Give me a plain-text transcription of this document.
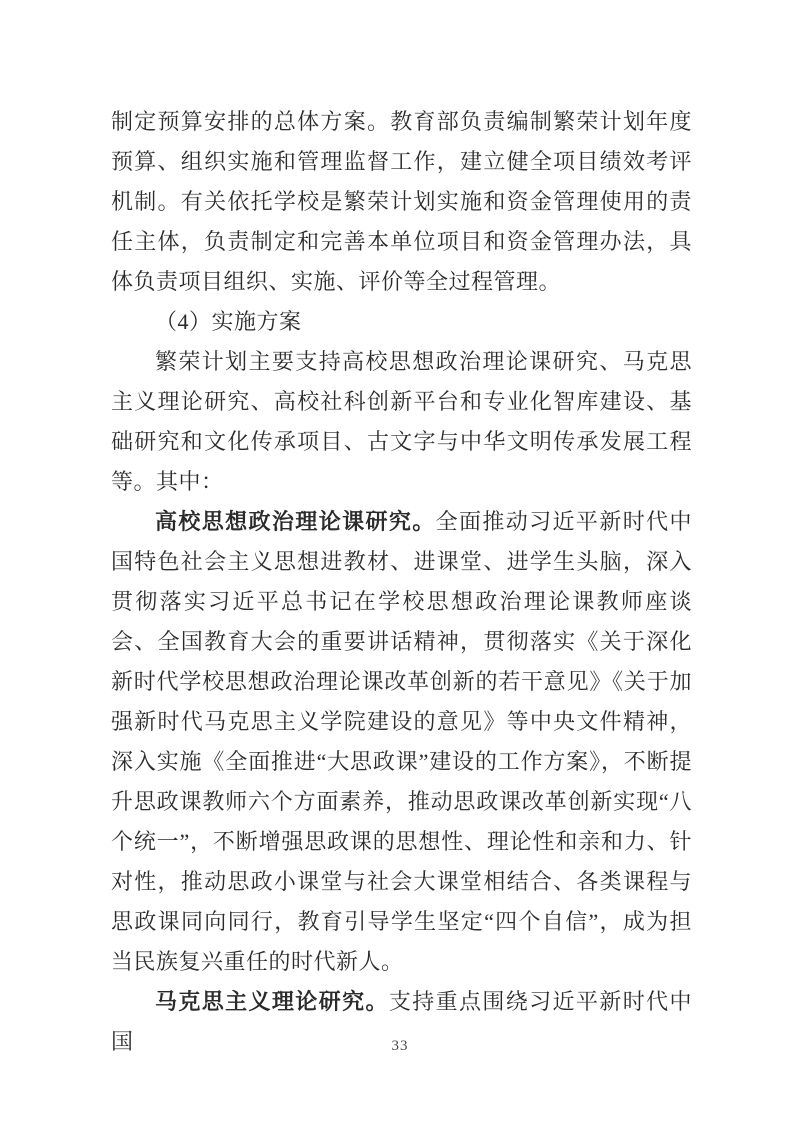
制定预算安排的总体方案。教育部负责编制繁荣计划年度预算、组织实施和管理监督工作，建立健全项目绩效考评机制。有关依托学校是繁荣计划实施和资金管理使用的责任主体，负责制定和完善本单位项目和资金管理办法，具体负责项目组织、实施、评价等全过程管理。

（4）实施方案

繁荣计划主要支持高校思想政治理论课研究、马克思主义理论研究、高校社科创新平台和专业化智库建设、基础研究和文化传承项目、古文字与中华文明传承发展工程等。其中：

高校思想政治理论课研究。全面推动习近平新时代中国特色社会主义思想进教材、进课堂、进学生头脑，深入贯彻落实习近平总书记在学校思想政治理论课教师座谈会、全国教育大会的重要讲话精神，贯彻落实《关于深化新时代学校思想政治理论课改革创新的若干意见》《关于加强新时代马克思主义学院建设的意见》等中央文件精神，深入实施《全面推进“大思政课”建设的工作方案》，不断提升思政课教师六个方面素养，推动思政课改革创新实现“八个统一”，不断增强思政课的思想性、理论性和亲和力、针对性，推动思政小课堂与社会大课堂相结合、各类课程与思政课同向同行，教育引导学生坚定“四个自信”，成为担当民族复兴重任的时代新人。

马克思主义理论研究。支持重点围绕习近平新时代中国	33
